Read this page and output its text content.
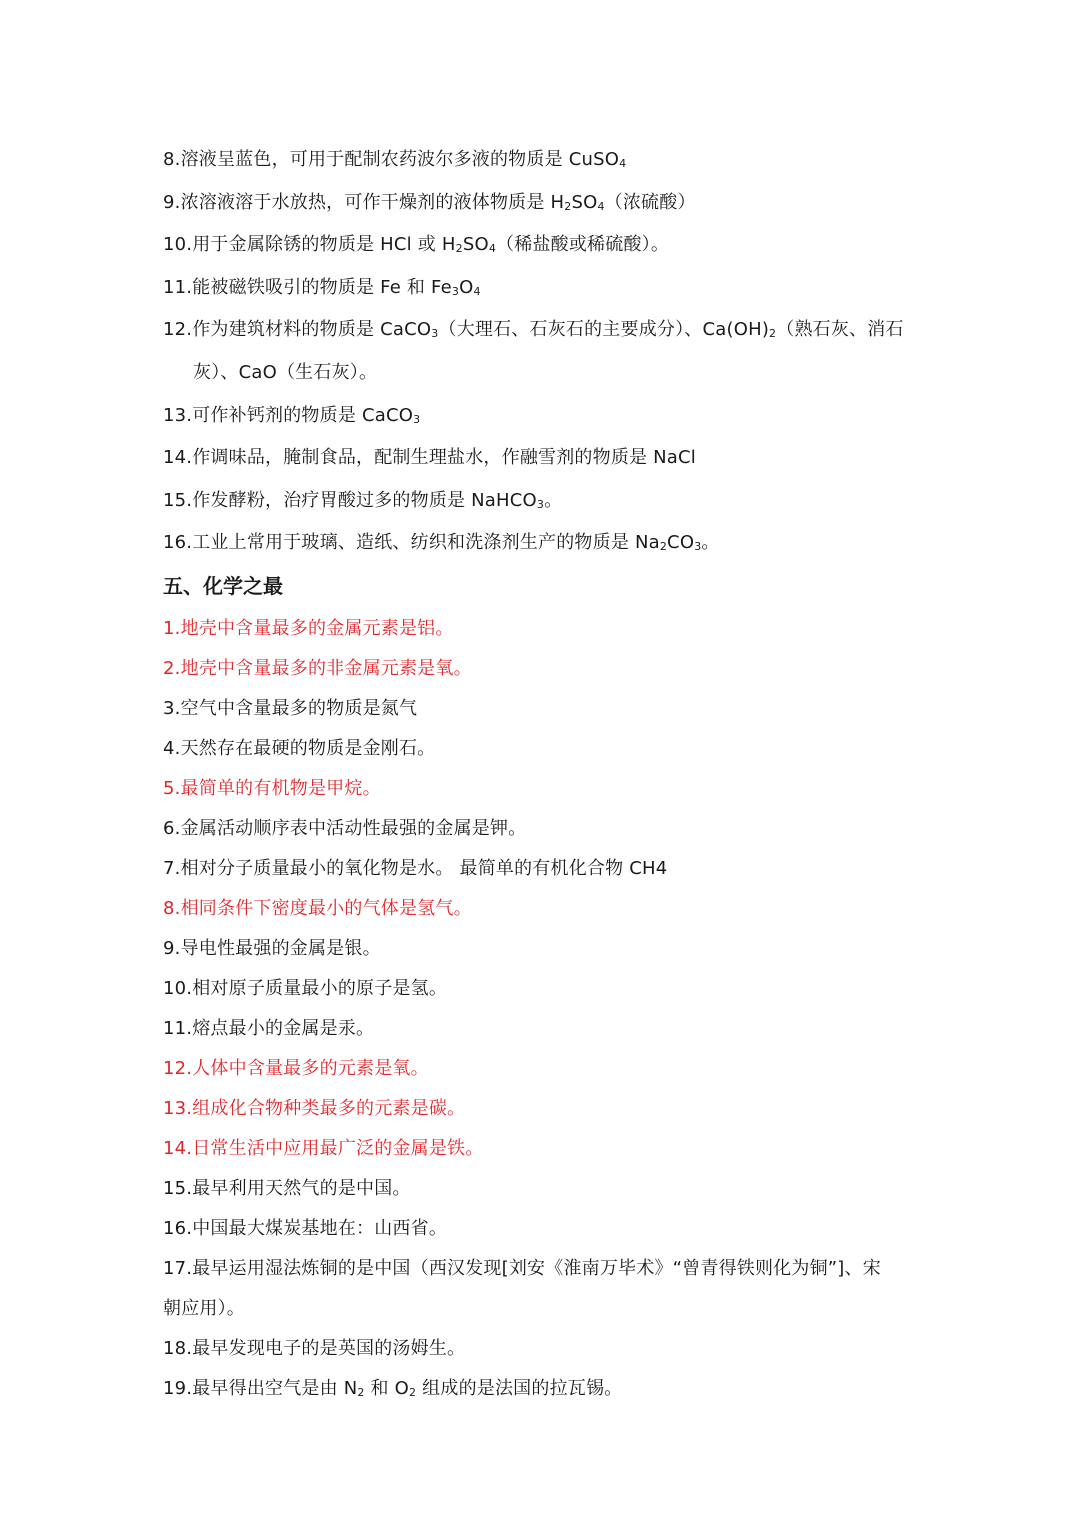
8.溶液呈蓝色，可用于配制农药波尔多液的物质是 CuSO$_4$
9.浓溶液溶于水放热，可作干燥剂的液体物质是 $H_2SO_4$（浓硫酸）
10.用于金属除锈的物质是 HCl 或 $H_2SO_4$（稀盐酸或稀硫酸）。
11.能被磁铁吸引的物质是 Fe 和 $Fe_3O_4$
12.作为建筑材料的物质是 CaCO$_3$（大理石、石灰石的主要成分）、$Ca(OH)_2$（熟石灰、消石
灰）、CaO（生石灰）。
13.可作补钙剂的物质是 CaCO$_3$
14.作调味品，腌制食品，配制生理盐水，作融雪剂的物质是 NaCl
15.作发酵粉，治疗胃酸过多的物质是 NaHCO$_3$。
16.工业上常用于玻璃、造纸、纺织和洗涤剂生产的物质是 $Na_2CO_3$。
五、化学之最
1.地壳中含量最多的金属元素是铝。
2.地壳中含量最多的非金属元素是氧。
3.空气中含量最多的物质是氮气
4.天然存在最硬的物质是金刚石。
5.最简单的有机物是甲烷。
6.金属活动顺序表中活动性最强的金属是钾。
7.相对分子质量最小的氧化物是水。 最简单的有机化合物 CH4
8.相同条件下密度最小的气体是氢气。
9.导电性最强的金属是银。
10.相对原子质量最小的原子是氢。
11.熔点最小的金属是汞。
12.人体中含量最多的元素是氧。
13.组成化合物种类最多的元素是碳。
14.日常生活中应用最广泛的金属是铁。
15.最早利用天然气的是中国。
16.中国最大煤炭基地在：山西省。
17.最早运用湿法炼铜的是中国（西汉发现[刘安《淮南万毕术》“曾青得铁则化为铜”]、宋
朝应用）。
18.最早发现电子的是英国的汤姆生。
19.最早得出空气是由 $N_2$ 和 $O_2$ 组成的是法国的拉瓦锡。
